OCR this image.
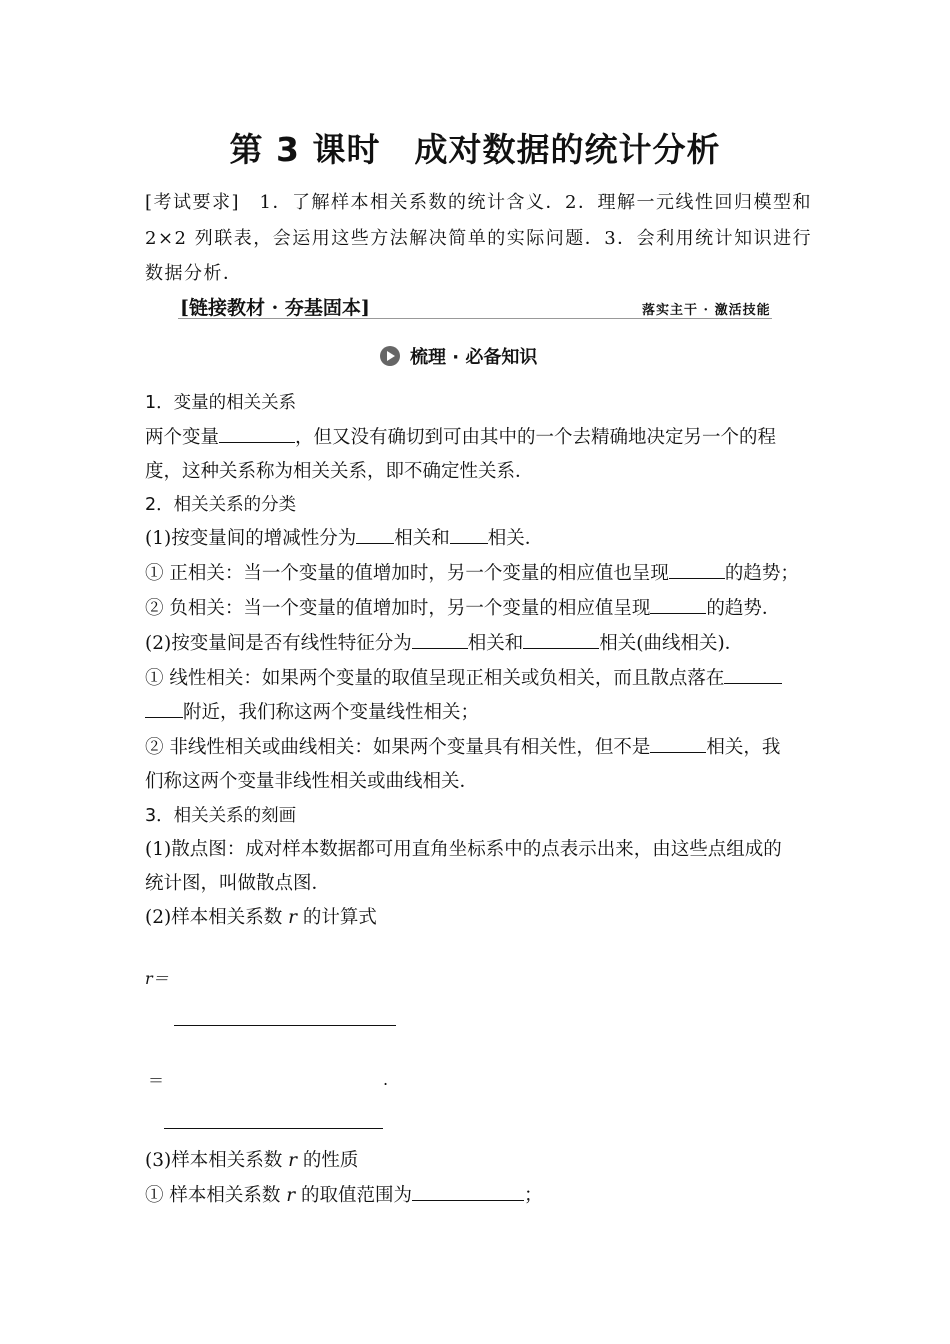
第 3 课时　成对数据的统计分析
[考试要求]　1．了解样本相关系数的统计含义．2．理解一元线性回归模型和
2×2 列联表，会运用这些方法解决简单的实际问题．3．会利用统计知识进行
数据分析．
[链接教材 · 夯基固本]	落实主干 · 激活技能
梳理 · 必备知识
1．变量的相关关系
两个变量	，但又没有确切到可由其中的一个去精确地决定另一个的程
度，这种关系称为相关关系，即不确定性关系．
2．相关关系的分类
(1)按变量间的增减性分为 相关和 相关．
① 正相关：当一个变量的值增加时，另一个变量的相应值也呈现	的趋势；
② 负相关：当一个变量的值增加时，另一个变量的相应值呈现	的趋势．
(2)按变量间是否有线性特征分为	相关和	相关(曲线相关)．
① 线性相关：如果两个变量的取值呈现正相关或负相关，而且散点落在
附近，我们称这两个变量线性相关；
② 非线性相关或曲线相关：如果两个变量具有相关性，但不是	相关，我
们称这两个变量非线性相关或曲线相关．
3．相关关系的刻画
(1)散点图：成对样本数据都可用直角坐标系中的点表示出来，由这些点组成的
统计图，叫做散点图．
(2)样本相关系数 r 的计算式
r＝
＝	.
(3)样本相关系数 r 的性质
① 样本相关系数 r 的取值范围为	；
